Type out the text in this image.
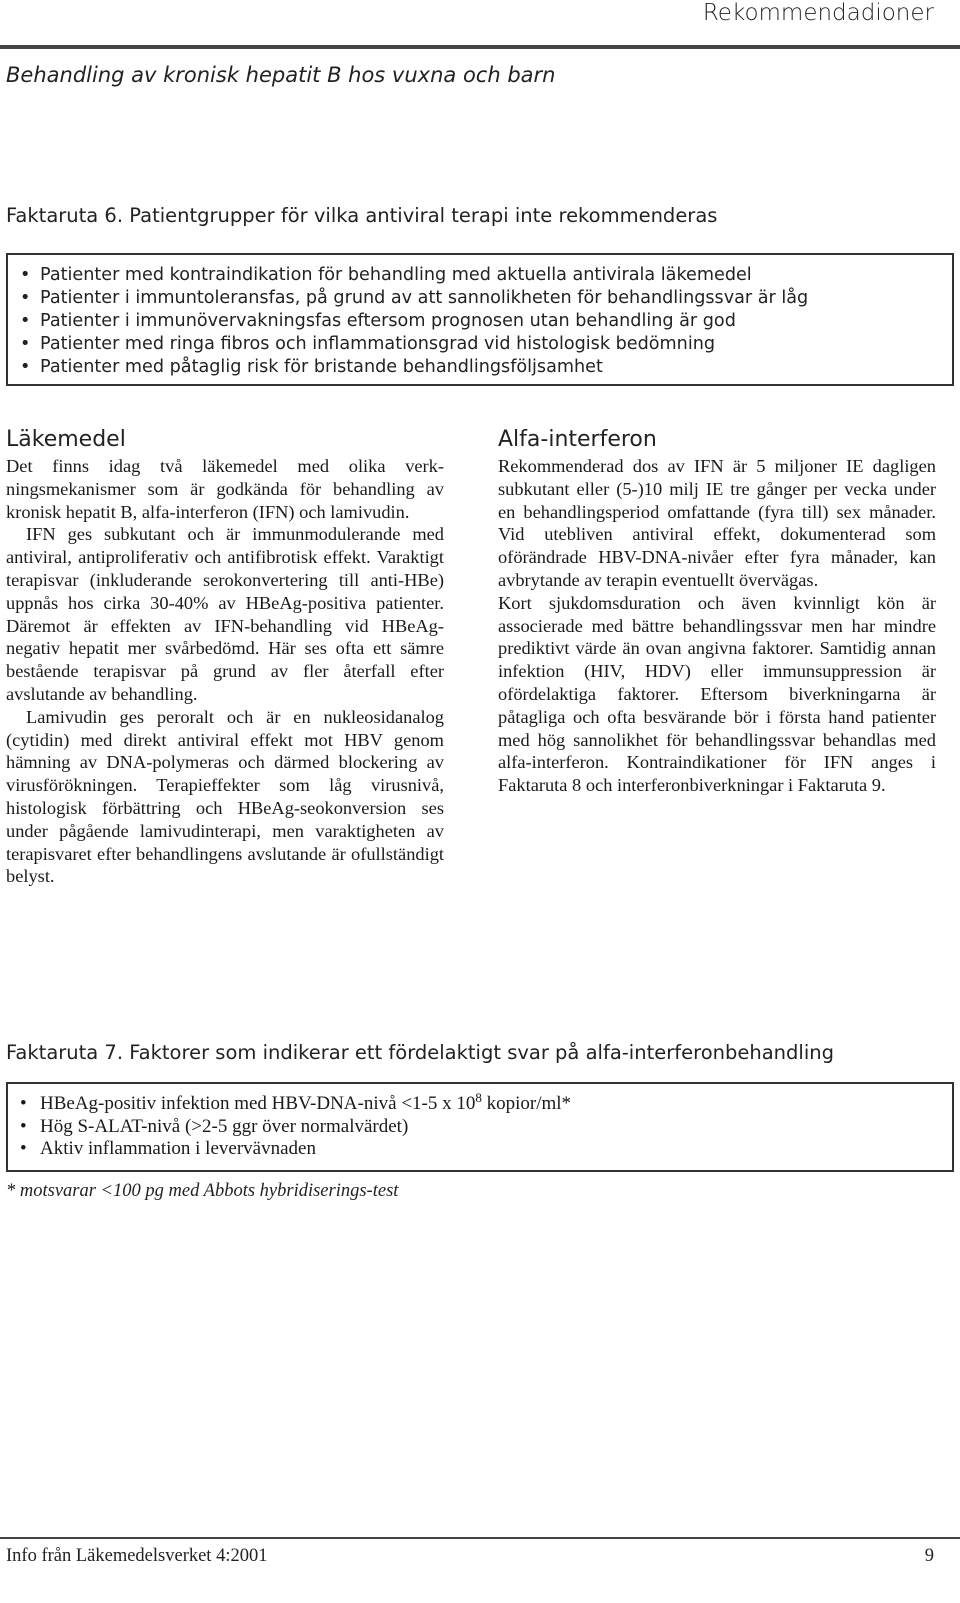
Rekommendadioner
Behandling av kronisk hepatit B hos vuxna och barn
Faktaruta 6. Patientgrupper för vilka antiviral terapi inte rekommenderas
• Patienter med kontraindikation för behandling med aktuella antivirala läkemedel
• Patienter i immuntoleransfas, på grund av att sannolikheten för behandlingssvar är låg
• Patienter i immunövervakningsfas eftersom prognosen utan behandling är god
• Patienter med ringa fibros och inflammationsgrad vid histologisk bedömning
• Patienter med påtaglig risk för bristande behandlingsföljsamhet
Läkemedel

Det finns idag två läkemedel med olika verkningsmekanismer som är godkända för behandling av kronisk hepatit B, alfa-interferon (IFN) och lamivudin.

IFN ges subkutant och är immunmodulerande med antiviral, antiproliferativ och antifibrotisk effekt. Varaktigt terapisvar (inkluderande serokonvertering till anti-HBe) uppnås hos cirka 30-40% av HBeAg-positiva patienter. Däremot är effekten av IFN-behandling vid HBeAg-negativ hepatit mer svårbedömd. Här ses ofta ett sämre bestående terapisvar på grund av fler återfall efter avslutande av behandling.

Lamivudin ges peroralt och är en nukleosidanalog (cytidin) med direkt antiviral effekt mot HBV genom hämning av DNA-polymeras och därmed blockering av virusförökningen. Terapieffekter som låg virusnivå, histologisk förbättring och HBeAg-seokonversion ses under pågående lamivudinterapi, men varaktigheten av terapisvaret efter behandlingens avslutande är ofullständigt belyst.

Alfa-interferon

Rekommenderad dos av IFN är 5 miljoner IE dagligen subkutant eller (5-)10 milj IE tre gånger per vecka under en behandlingsperiod omfattande (fyra till) sex månader. Vid utebliven antiviral effekt, dokumenterad som oförändrade HBV-DNA-nivåer efter fyra månader, kan avbrytande av terapin eventuellt övervägas.

Kort sjukdomsduration och även kvinnligt kön är associerade med bättre behandlingssvar men har mindre prediktivt värde än ovan angivna faktorer. Samtidig annan infektion (HIV, HDV) eller immunsuppression är ofördelaktiga faktorer. Eftersom biverkningarna är påtagliga och ofta besvärande bör i första hand patienter med hög sannolikhet för behandlingssvar behandlas med alfa-interferon. Kontraindikationer för IFN anges i Faktaruta 8 och interferonbiverkningar i Faktaruta 9.

Faktaruta 7. Faktorer som indikerar ett fördelaktigt svar på alfa-interferonbehandling
• HBeAg-positiv infektion med HBV-DNA-nivå <1-5 x $10^8$ kopior/ml*
• Hög S-ALAT-nivå (>2-5 ggr över normalvärdet)
• Aktiv inflammation i levervävnaden
* motsvarar <100 pg med Abbots hybridiserings-test
Info från Läkemedelsverket 4:2001	9
